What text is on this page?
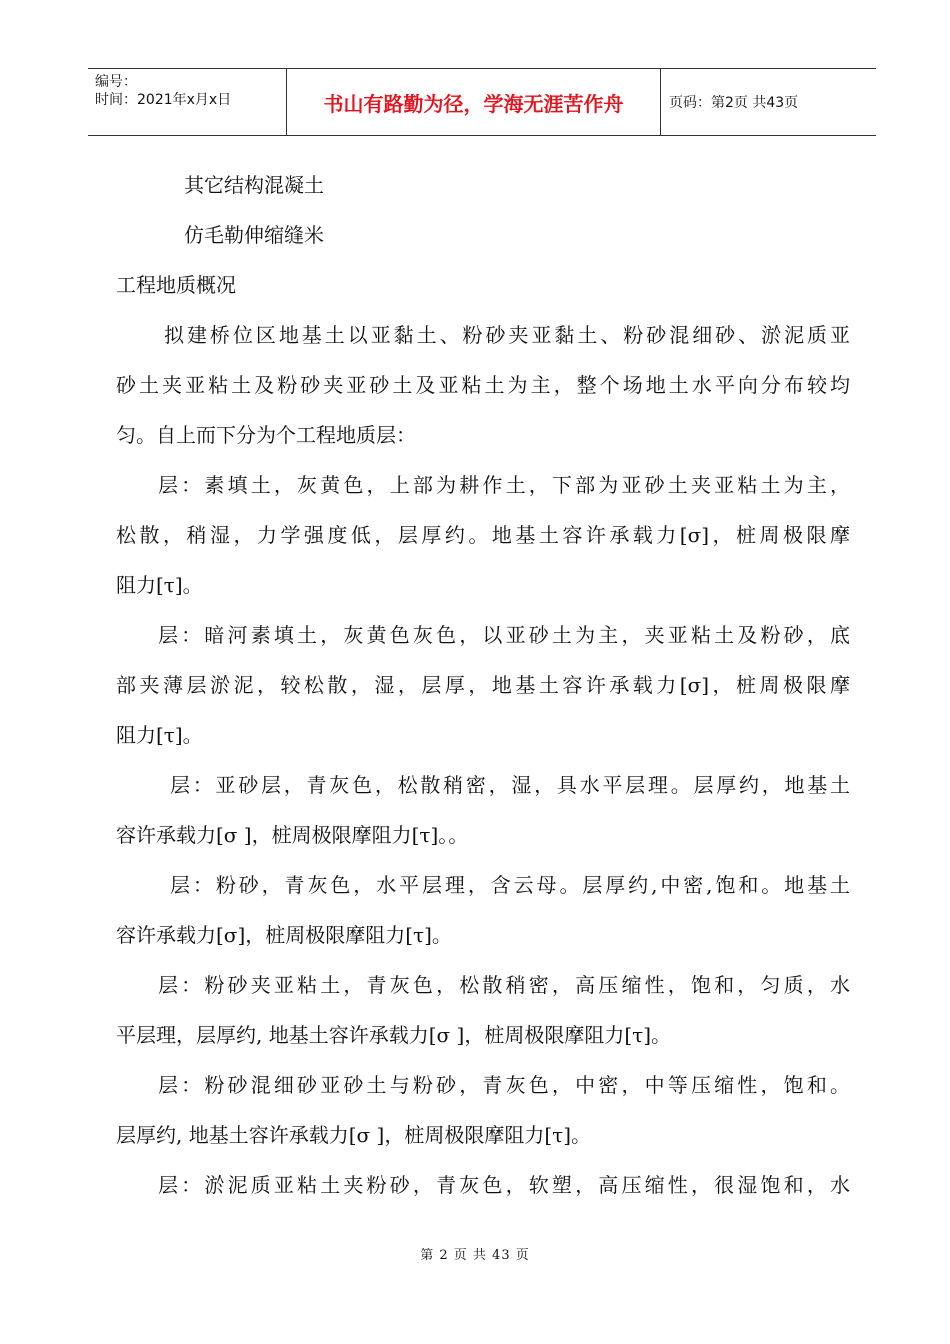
编号：
时间：2021年x月x日	书山有路勤为径，学海无涯苦作舟	页码：第2页 共43页
其它结构混凝土
仿毛勒伸缩缝米
工程地质概况
拟建桥位区地基土以亚黏土、粉砂夹亚黏土、粉砂混细砂、淤泥质亚
砂土夹亚粘土及粉砂夹亚砂土及亚粘土为主，整个场地土水平向分布较均
匀。自上而下分为个工程地质层：
层：素填土，灰黄色，上部为耕作土，下部为亚砂土夹亚粘土为主，
松散，稍湿，力学强度低，层厚约。地基土容许承载力[σ]，桩周极限摩
阻力[τ]。
层：暗河素填土，灰黄色灰色，以亚砂土为主，夹亚粘土及粉砂，底
部夹薄层淤泥，较松散，湿，层厚，地基土容许承载力[σ]，桩周极限摩
阻力[τ]。
层：亚砂层，青灰色，松散稍密，湿，具水平层理。层厚约，地基土
容许承载力[σ ]，桩周极限摩阻力[τ]。。
层：粉砂，青灰色，水平层理，含云母。层厚约,中密,饱和。地基土
容许承载力[σ]，桩周极限摩阻力[τ]。
层：粉砂夹亚粘土，青灰色，松散稍密，高压缩性，饱和，匀质，水
平层理，层厚约, 地基土容许承载力[σ ]，桩周极限摩阻力[τ]。
层：粉砂混细砂亚砂土与粉砂，青灰色，中密，中等压缩性，饱和。
层厚约, 地基土容许承载力[σ ]，桩周极限摩阻力[τ]。
层：淤泥质亚粘土夹粉砂，青灰色，软塑，高压缩性，很湿饱和，水
第 2 页 共 43 页
